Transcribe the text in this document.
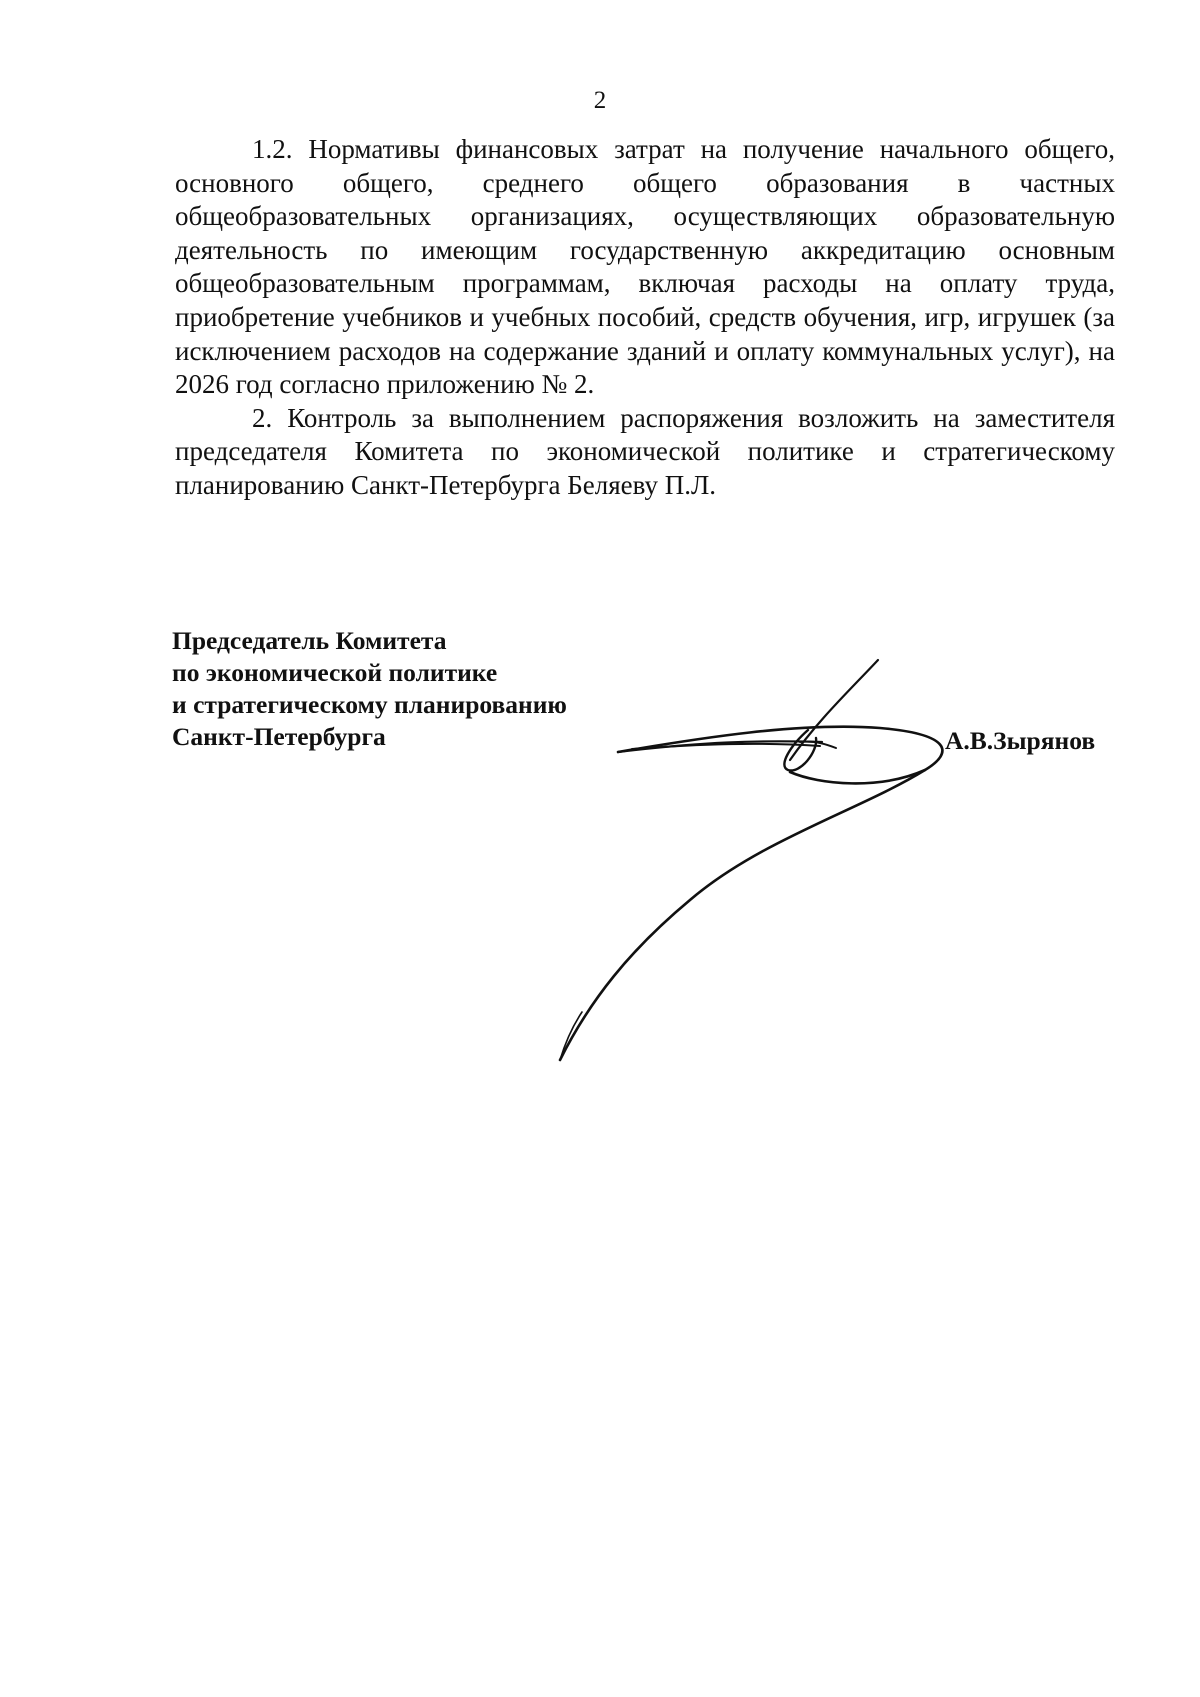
2

1.2. Нормативы финансовых затрат на получение начального общего, основного общего, среднего общего образования в частных общеобразовательных организациях, осуществляющих образовательную деятельность по имеющим государственную аккредитацию основным общеобразовательным программам, включая расходы на оплату труда, приобретение учебников и учебных пособий, средств обучения, игр, игрушек (за исключением расходов на содержание зданий и оплату коммунальных услуг), на 2026 год согласно приложению № 2.

2. Контроль за выполнением распоряжения возложить на заместителя председателя Комитета по экономической политике и стратегическому планированию Санкт-Петербурга Беляеву П.Л.

Председатель Комитета
по экономической политике
и стратегическому планированию
Санкт-Петербурга	А.В.Зырянов
